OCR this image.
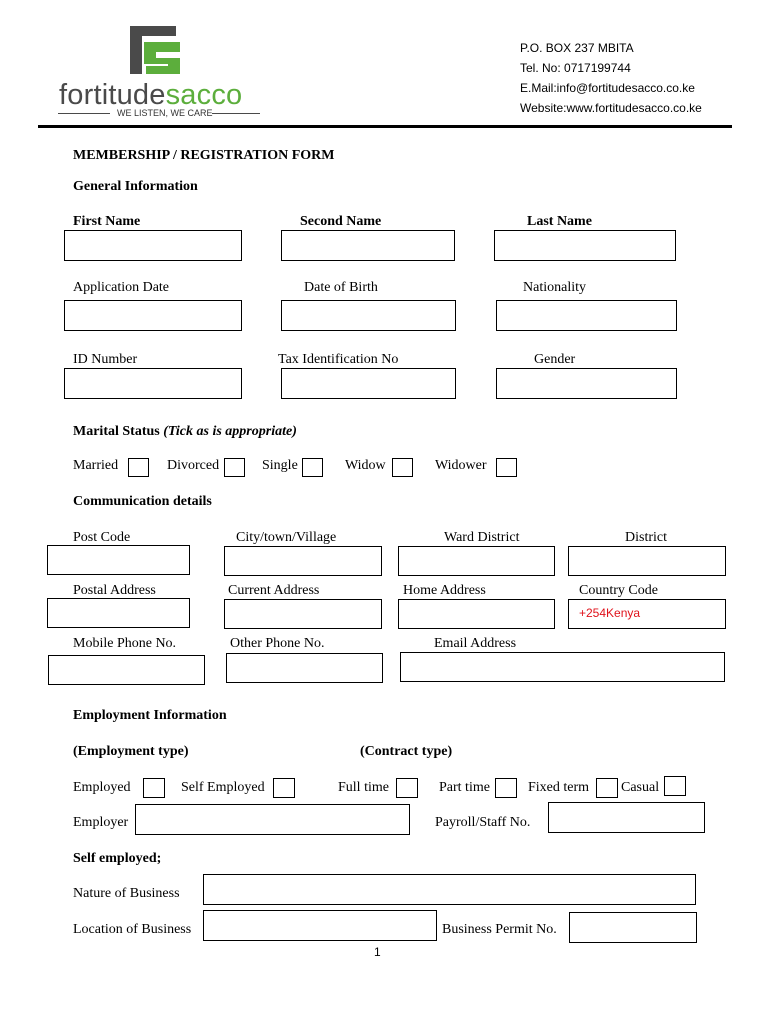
fortitudesacco
WE LISTEN, WE CARE
P.O. BOX 237 MBITA
Tel. No: 0717199744
E.Mail:info@fortitudesacco.co.ke
Website:www.fortitudesacco.co.ke
MEMBERSHIP / REGISTRATION FORM
General Information
First Name	Second Name	Last Name
Application Date	Date of Birth	Nationality
ID Number	Tax Identification No	Gender
Marital Status (Tick as is appropriate)
Married	Divorced	Single	Widow	Widower
Communication details
Post Code	City/town/Village	Ward District	District
Postal Address	Current Address	Home Address	Country Code
+254Kenya
Mobile Phone No.	Other Phone No.	Email Address
Employment Information
(Employment type)	(Contract type)
Employed	Self Employed	Full time	Part time	Fixed term Casual
Employer	Payroll/Staff No.
Self employed;
Nature of Business
Location of Business	Business Permit No.
1
